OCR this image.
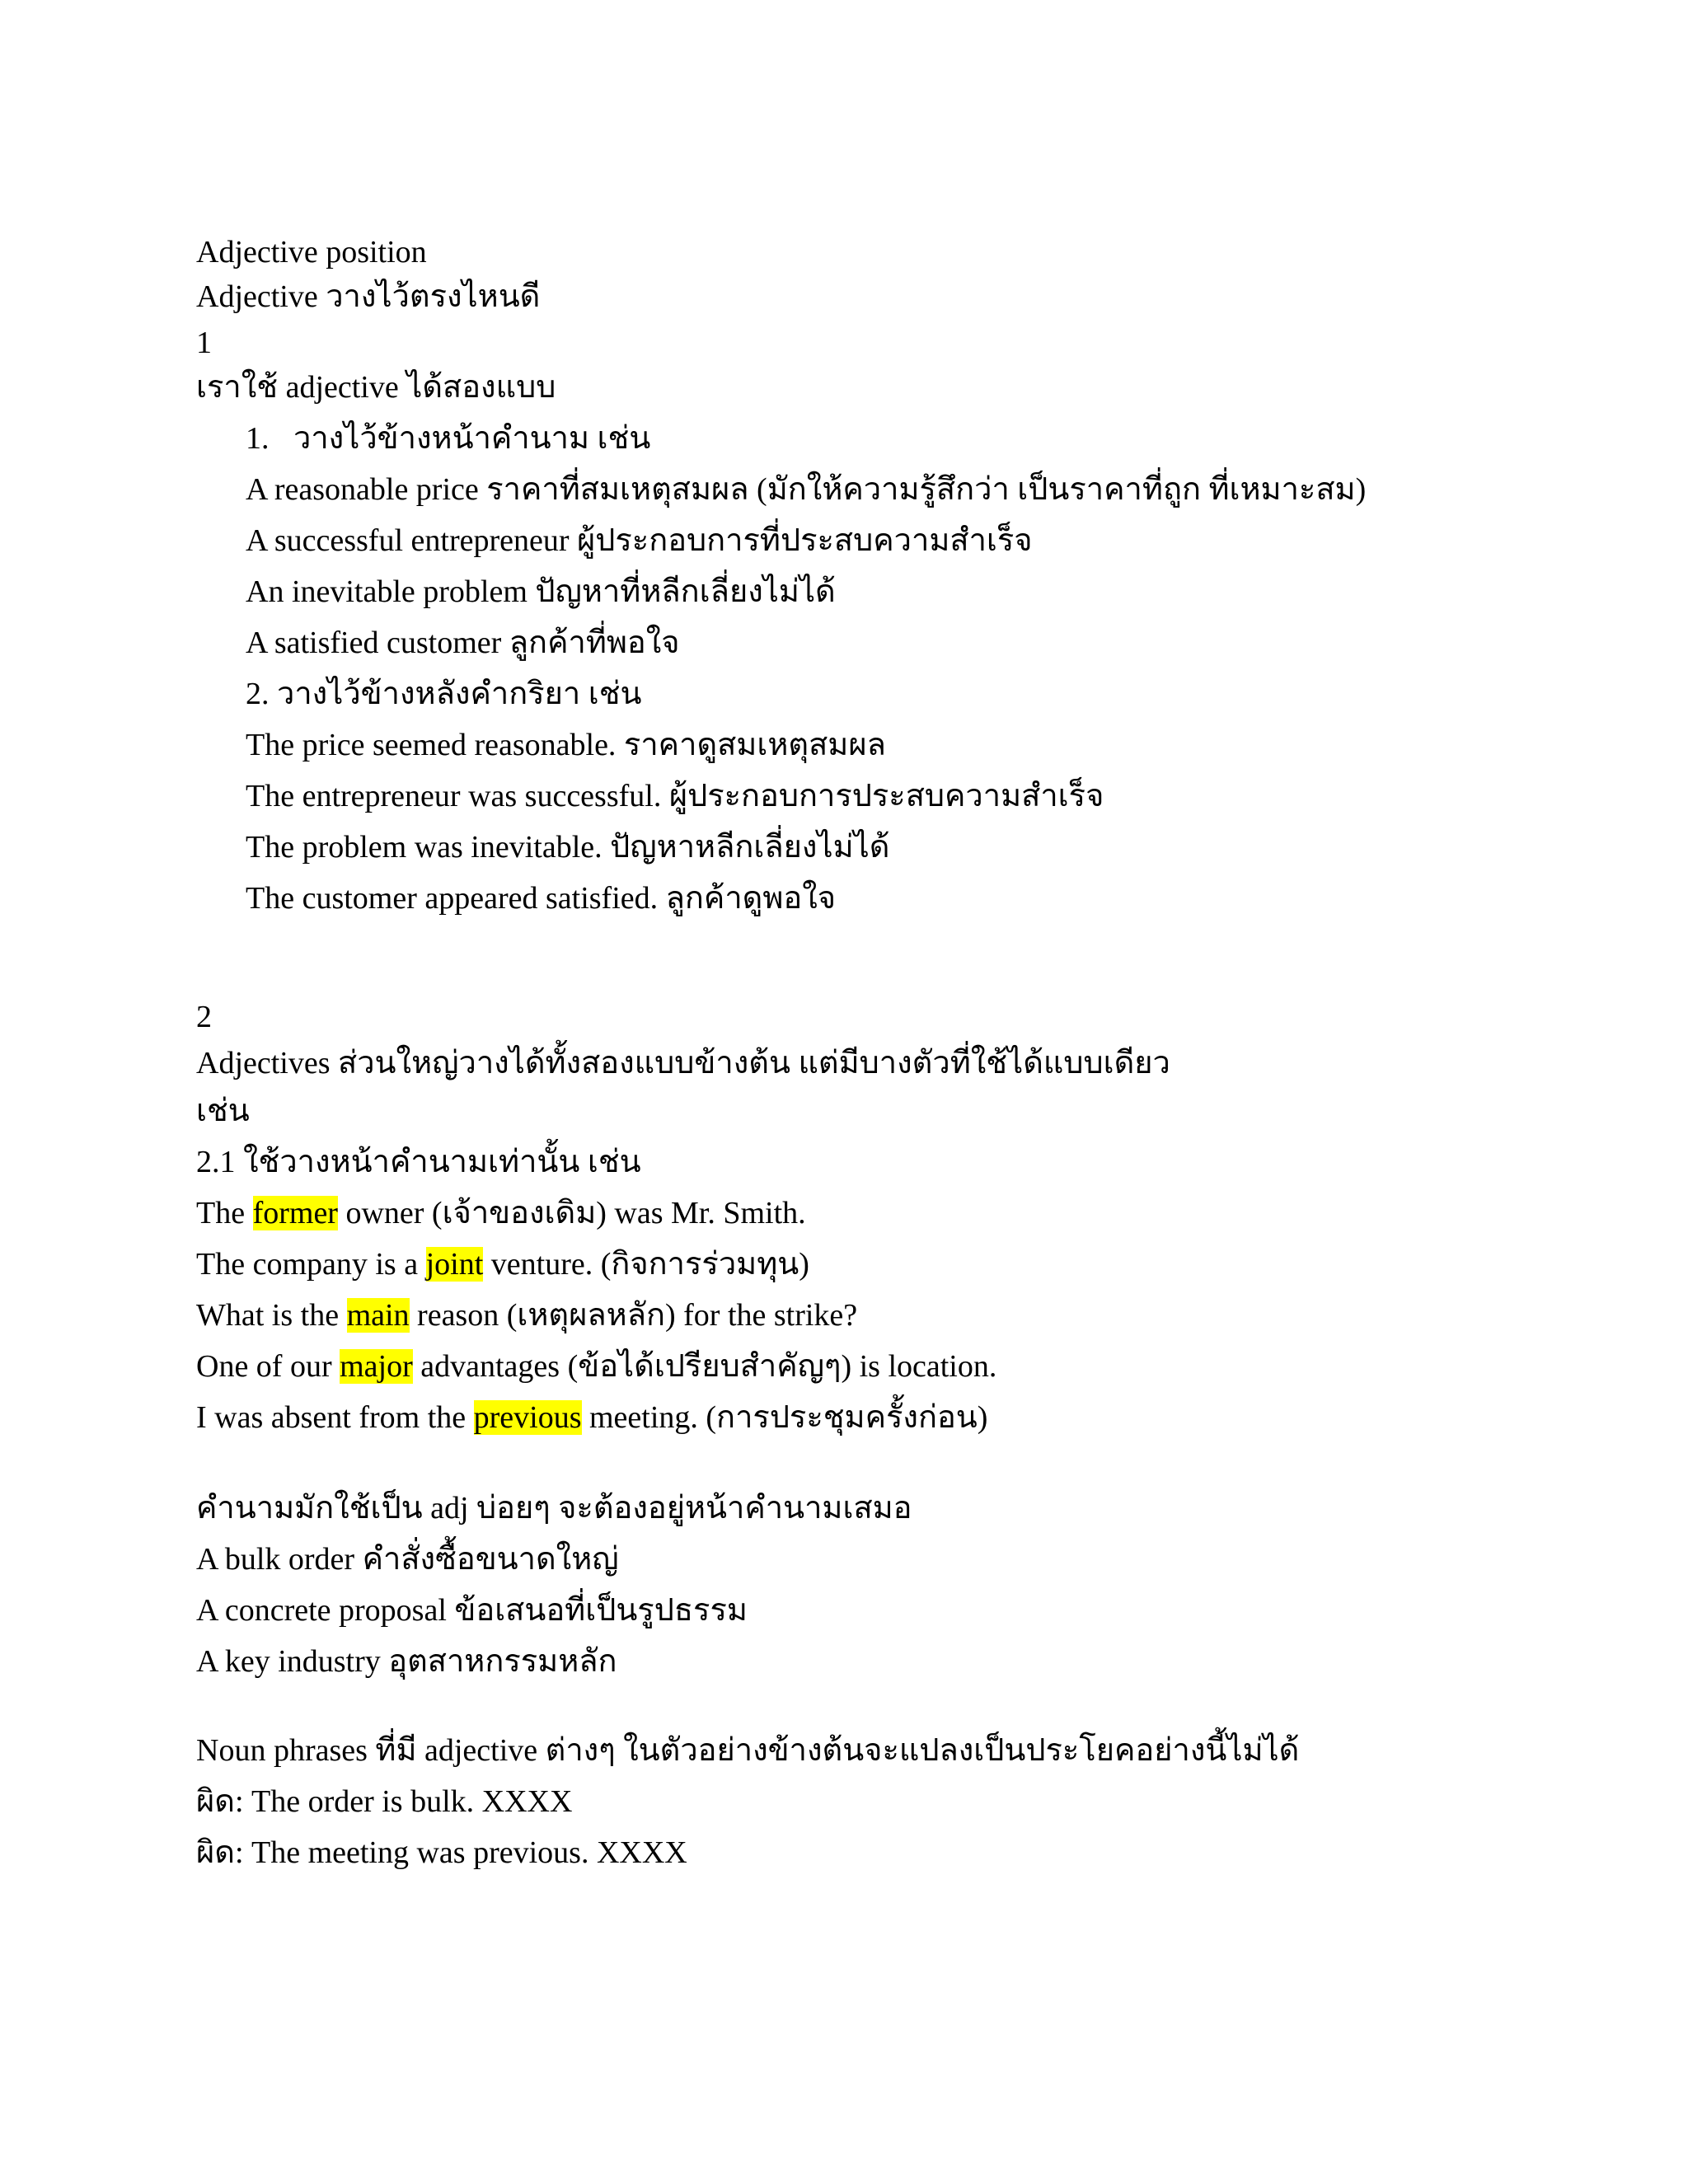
Adjective position
Adjective วางไว้ตรงไหนดี
1
เราใช้ adjective ได้สองแบบ
1. วางไว้ข้างหน้าคำนาม เช่น
A reasonable price ราคาที่สมเหตุสมผล (มักให้ความรู้สึกว่า เป็นราคาที่ถูก ที่เหมาะสม)
A successful entrepreneur ผู้ประกอบการที่ประสบความสำเร็จ
An inevitable problem ปัญหาที่หลีกเลี่ยงไม่ได้
A satisfied customer ลูกค้าที่พอใจ
2. วางไว้ข้างหลังคำกริยา เช่น
The price seemed reasonable. ราคาดูสมเหตุสมผล
The entrepreneur was successful. ผู้ประกอบการประสบความสำเร็จ
The problem was inevitable. ปัญหาหลีกเลี่ยงไม่ได้
The customer appeared satisfied. ลูกค้าดูพอใจ
2
Adjectives ส่วนใหญ่วางได้ทั้งสองแบบข้างต้น แต่มีบางตัวที่ใช้ได้แบบเดียว
เช่น
2.1 ใช้วางหน้าคำนามเท่านั้น เช่น
The former owner (เจ้าของเดิม) was Mr. Smith.
The company is a joint venture. (กิจการร่วมทุน)
What is the main reason (เหตุผลหลัก) for the strike?
One of our major advantages (ข้อได้เปรียบสำคัญๆ) is location.
I was absent from the previous meeting. (การประชุมครั้งก่อน)
คำนามมักใช้เป็น adj บ่อยๆ จะต้องอยู่หน้าคำนามเสมอ
A bulk order คำสั่งซื้อขนาดใหญ่
A concrete proposal ข้อเสนอที่เป็นรูปธรรม
A key industry อุตสาหกรรมหลัก
Noun phrases ที่มี adjective ต่างๆ ในตัวอย่างข้างต้นจะแปลงเป็นประโยคอย่างนี้ไม่ได้
ผิด: The order is bulk. XXXX
ผิด: The meeting was previous. XXXX
